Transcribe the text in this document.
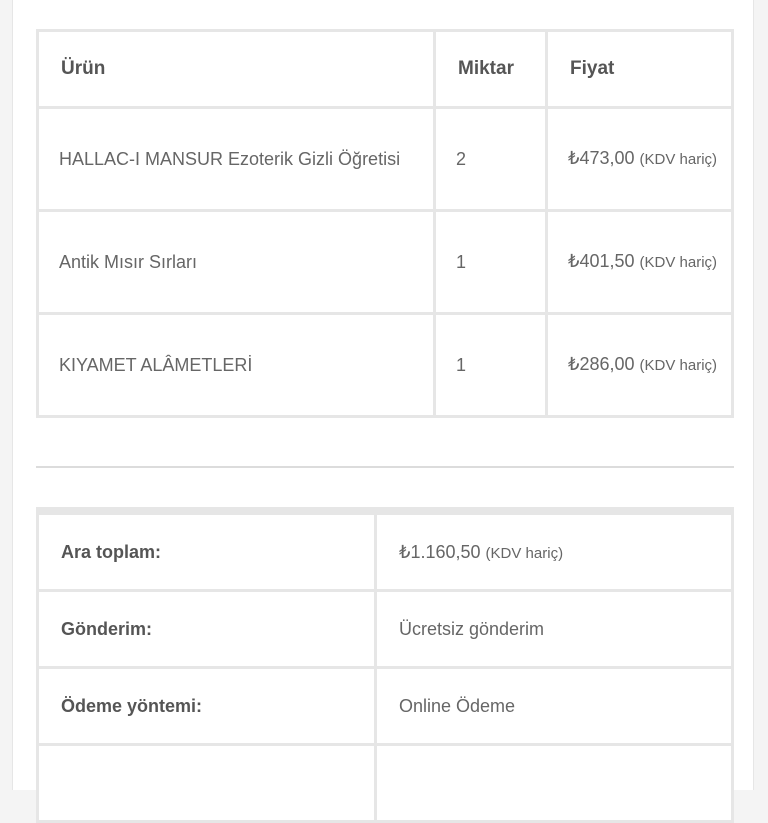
Ürün	Miktar	Fiyat
HALLAC-I MANSUR Ezoterik Gizli Öğretisi	2	₺473,00 (KDV hariç)
Antik Mısır Sırları	1	₺401,50 (KDV hariç)
KIYAMET ALÂMETLERİ	1	₺286,00 (KDV hariç)
Ara toplam:	₺1.160,50 (KDV hariç)
Gönderim:	Ücretsiz gönderim
Ödeme yöntemi:	Online Ödeme
